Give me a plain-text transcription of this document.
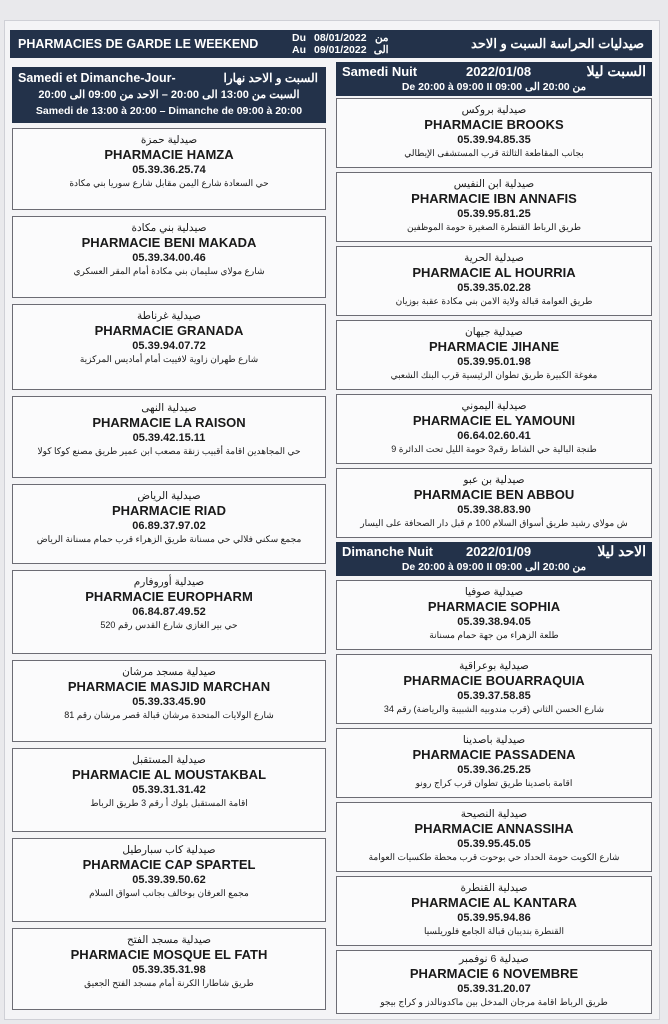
PHARMACIES DE GARDE LE WEEKEND	Du 08/01/2022 من
Au 09/01/2022 الى	صيدليات الحراسة السبت و الاحد
Samedi et Dimanche-Jour-	السبت و الاحد نهارا
السبت من 13:00 الى 20:00 – الاحد من 09:00 الى 20:00
Samedi de 13:00 à 20:00 – Dimanche de 09:00 à 20:00
Samedi Nuit	2022/01/08	السبت ليلا
De 20:00 à 09:00 II من 20:00 الى 09:00
Dimanche Nuit	2022/01/09	الاحد ليلا
De 20:00 à 09:00 II من 20:00 الى 09:00
صيدلية حمزة
PHARMACIE HAMZA
05.39.36.25.74
حي السعادة شارع اليمن مقابل شارع سوريا بني مكادة
صيدلية بني مكادة
PHARMACIE BENI MAKADA
05.39.34.00.46
شارع مولاي سليمان بني مكادة أمام المقر العسكري
صيدلية غرناطة
PHARMACIE GRANADA
05.39.94.07.72
شارع طهران زاوية لافييت أمام أماديس المركزية
صيدلية النهى
PHARMACIE LA RAISON
05.39.42.15.11
حي المجاهدين اقامة أقبيب زنقة مصعب ابن عمير طريق مصنع كوكا كولا
صيدلية الرياض
PHARMACIE RIAD
06.89.37.97.02
مجمع سكني فلالي حي مسنانة طريق الزهراء قرب حمام مسنانة الرياض
صيدلية أوروفارم
PHARMACIE EUROPHARM
06.84.87.49.52
حي بير الغازي شارع القدس رقم 520
صيدلية مسجد مرشان
PHARMACIE MASJID MARCHAN
05.39.33.45.90
شارع الولايات المتحدة مرشان قبالة قصر مرشان رقم 81
صيدلية المستقبل
PHARMACIE AL MOUSTAKBAL
05.39.31.31.42
اقامة المستقبل بلوك أ رقم 3 طريق الرباط
صيدلية كاب سبارطيل
PHARMACIE CAP SPARTEL
05.39.39.50.62
مجمع العرفان بوخالف بجانب اسواق السلام
صيدلية مسجد الفتح
PHARMACIE MOSQUE EL FATH
05.39.35.31.98
طريق شاطارا الكرنة أمام مسجد الفتح الجعيق
صيدلية بروكس
PHARMACIE BROOKS
05.39.94.85.35
بجانب المقاطعة الثالثة قرب المستشفى الإيطالي
صيدلية ابن النفيس
PHARMACIE IBN ANNAFIS
05.39.95.81.25
طريق الرباط القنطرة الصغيرة حومة الموظفين
صيدلية الحرية
PHARMACIE AL HOURRIA
05.39.35.02.28
طريق العوامة قبالة ولاية الامن بني مكادة عقبة بوزيان
صيدلية جيهان
PHARMACIE JIHANE
05.39.95.01.98
مغوغة الكبيرة طريق تطوان الرئيسية قرب البنك الشعبي
صيدلية اليموني
PHARMACIE EL YAMOUNI
06.64.02.60.41
طنجة البالية حي الشاط رقم3 حومة الليل تحت الدائرة 9
صيدلية بن عبو
PHARMACIE BEN ABBOU
05.39.38.83.90
ش مولاي رشيد طريق أسواق السلام 100 م قبل دار الصحافة على اليسار
صيدلية صوفيا
PHARMACIE SOPHIA
05.39.38.94.05
طلعة الزهراء من جهة حمام مسنانة
صيدلية بوعراقية
PHARMACIE BOUARRAQUIA
05.39.37.58.85
شارع الحسن الثاني (قرب مندوبيه الشبيبة والرياضة) رقم 34
صيدلية باصدينا
PHARMACIE PASSADENA
05.39.36.25.25
اقامة باصدينا طريق تطوان قرب كراج رونو
صيدلية النصيحة
PHARMACIE ANNASSIHA
05.39.95.45.05
شارع الكويت حومة الحداد حي بوحوت قرب محطة طكسيات العوامة
صيدلية القنطرة
PHARMACIE AL KANTARA
05.39.95.94.86
القنطرة بنديبان قبالة الجامع فلوريلسيا
صيدلية 6 نوفمبر
PHARMACIE 6 NOVEMBRE
05.39.31.20.07
طريق الرباط اقامة مرجان المدخل بين ماكدونالدز و كراج بيجو
